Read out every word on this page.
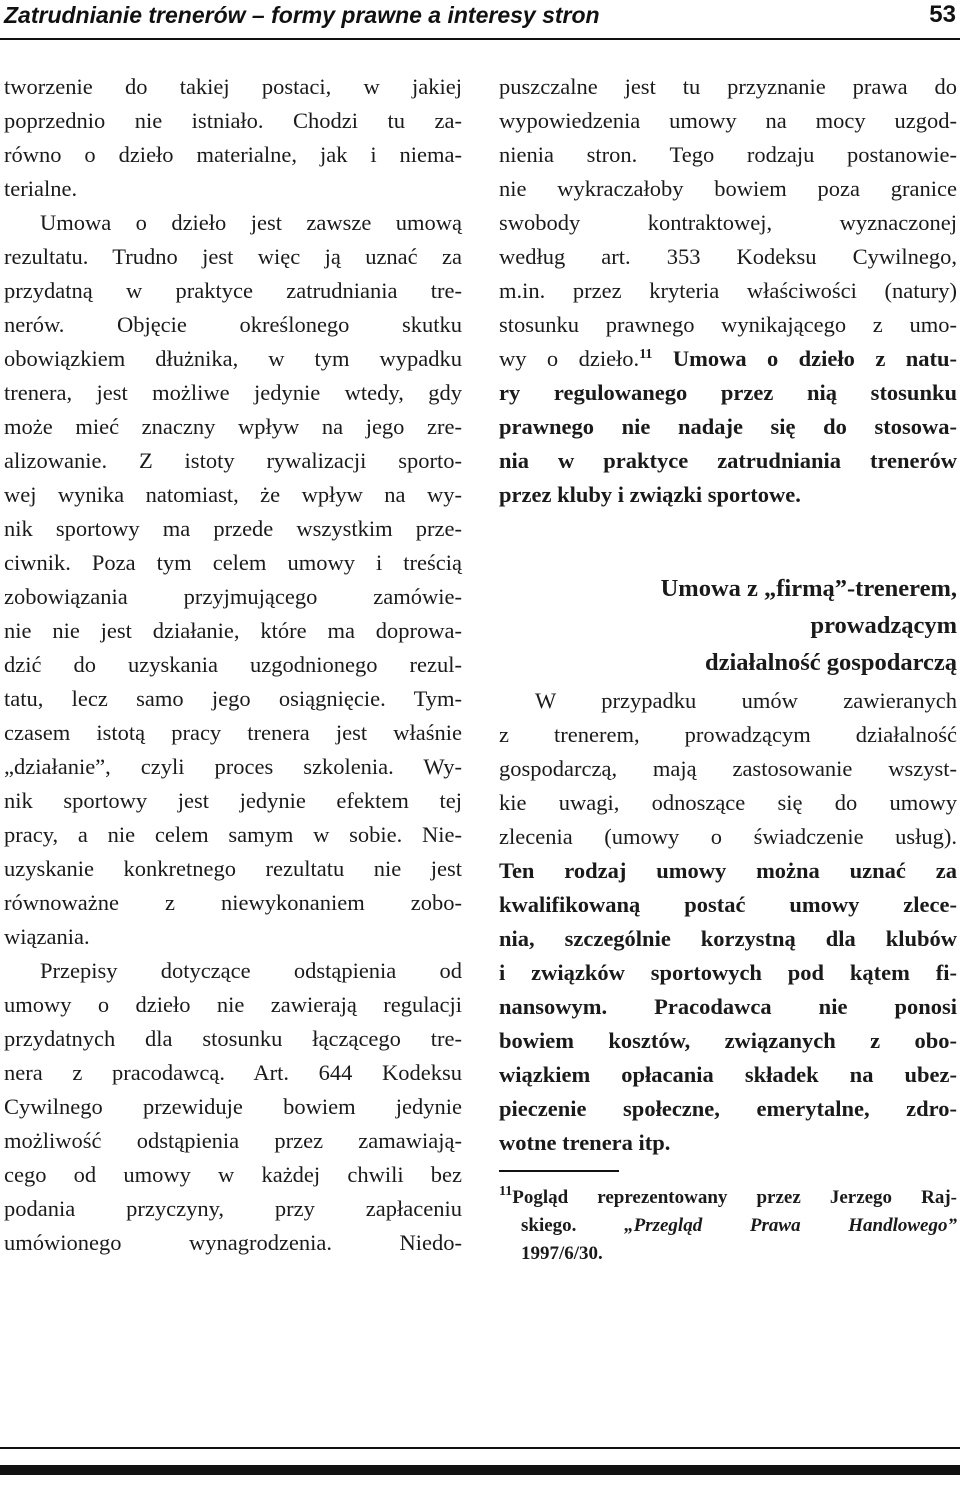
Zatrudnianie trenerów – formy prawne a interesy stron	53
tworzenie do takiej postaci, w jakiej
poprzednio nie istniało. Chodzi tu za-
równo o dzieło materialne, jak i niema-
terialne.
Umowa o dzieło jest zawsze umową
rezultatu. Trudno jest więc ją uznać za
przydatną w praktyce zatrudniania tre-
nerów. Objęcie określonego skutku
obowiązkiem dłużnika, w tym wypadku
trenera, jest możliwe jedynie wtedy, gdy
może mieć znaczny wpływ na jego zre-
alizowanie. Z istoty rywalizacji sporto-
wej wynika natomiast, że wpływ na wy-
nik sportowy ma przede wszystkim prze-
ciwnik. Poza tym celem umowy i treścią
zobowiązania przyjmującego zamówie-
nie nie jest działanie, które ma doprowa-
dzić do uzyskania uzgodnionego rezul-
tatu, lecz samo jego osiągnięcie. Tym-
czasem istotą pracy trenera jest właśnie
„działanie”, czyli proces szkolenia. Wy-
nik sportowy jest jedynie efektem tej
pracy, a nie celem samym w sobie. Nie-
uzyskanie konkretnego rezultatu nie jest
równoważne z niewykonaniem zobo-
wiązania.
Przepisy dotyczące odstąpienia od
umowy o dzieło nie zawierają regulacji
przydatnych dla stosunku łączącego tre-
nera z pracodawcą. Art. 644 Kodeksu
Cywilnego przewiduje bowiem jedynie
możliwość odstąpienia przez zamawiają-
cego od umowy w każdej chwili bez
podania przyczyny, przy zapłaceniu
umówionego wynagrodzenia. Niedo-
puszczalne jest tu przyznanie prawa do
wypowiedzenia umowy na mocy uzgod-
nienia stron. Tego rodzaju postanowie-
nie wykraczałoby bowiem poza granice
swobody kontraktowej, wyznaczonej
według art. 353 Kodeksu Cywilnego,
m.in. przez kryteria właściwości (natury)
stosunku prawnego wynikającego z umo-
wy o dzieło.$^{11}$ Umowa o dzieło z natu-
ry regulowanego przez nią stosunku
prawnego nie nadaje się do stosowa-
nia w praktyce zatrudniania trenerów
przez kluby i związki sportowe.
Umowa z „firmą”-trenerem,
prowadzącym
działalność gospodarczą
W przypadku umów zawieranych
z trenerem, prowadzącym działalność
gospodarczą, mają zastosowanie wszyst-
kie uwagi, odnoszące się do umowy
zlecenia (umowy o świadczenie usług).
Ten rodzaj umowy można uznać za
kwalifikowaną postać umowy zlece-
nia, szczególnie korzystną dla klubów
i związków sportowych pod kątem fi-
nansowym. Pracodawca nie ponosi
bowiem kosztów, związanych z obo-
wiązkiem opłacania składek na ubez-
pieczenie społeczne, emerytalne, zdro-
wotne trenera itp.
$^{11}$Pogląd reprezentowany przez Jerzego Raj-
skiego. „Przegląd Prawa Handlowego”
1997/6/30.
